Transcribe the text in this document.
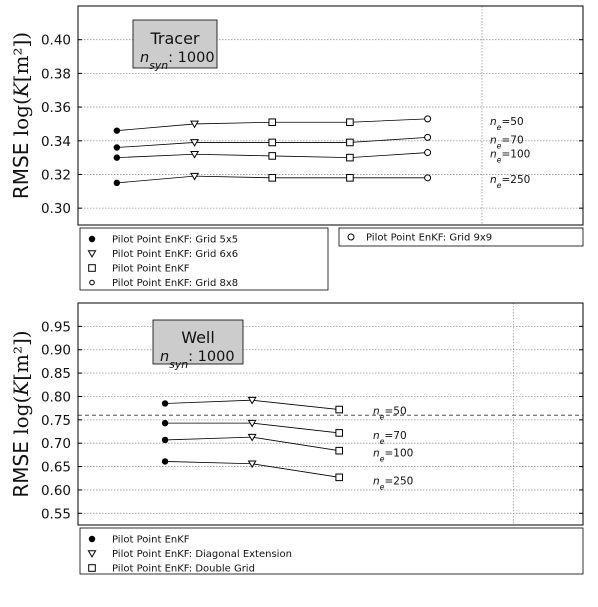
0.30
0.32
0.34
0.36
0.38
0.40
$n_e=50$
$n_e=70$
$n_e=100$
$n_e=250$
Tracer
$n_{syn}$: 1000
Pilot Point EnKF: Grid 5x5
Pilot Point EnKF: Grid 6x6
Pilot Point EnKF
Pilot Point EnKF: Grid 8x8
Pilot Point EnKF: Grid 9x9
RMSE log(K[m²])
0.55
0.60
0.65
0.70
0.75
0.80
0.85
0.90
0.95
$n_e=50$
$n_e=70$
$n_e=100$
$n_e=250$
Well
$n_{syn}$: 1000
Pilot Point EnKF
Pilot Point EnKF: Diagonal Extension
Pilot Point EnKF: Double Grid
RMSE log(K[m²])
